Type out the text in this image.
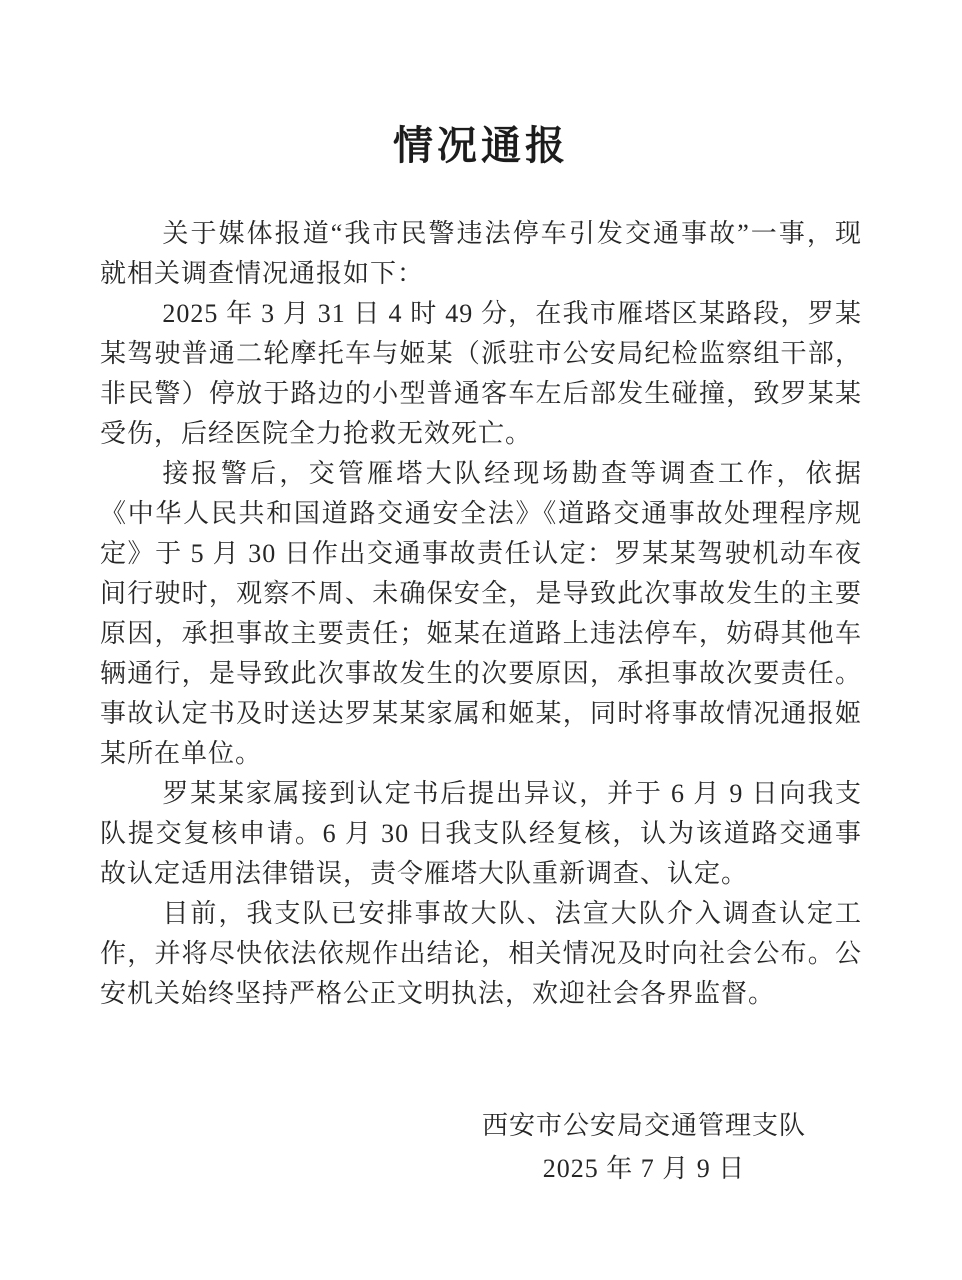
情况通报

关于媒体报道“我市民警违法停车引发交通事故”一事，现就相关调查情况通报如下：

2025 年 3 月 31 日 4 时 49 分，在我市雁塔区某路段，罗某某驾驶普通二轮摩托车与姬某（派驻市公安局纪检监察组干部，非民警）停放于路边的小型普通客车左后部发生碰撞，致罗某某受伤，后经医院全力抢救无效死亡。

接报警后，交管雁塔大队经现场勘查等调查工作，依据《中华人民共和国道路交通安全法》《道路交通事故处理程序规定》于 5 月 30 日作出交通事故责任认定：罗某某驾驶机动车夜间行驶时，观察不周、未确保安全，是导致此次事故发生的主要原因，承担事故主要责任；姬某在道路上违法停车，妨碍其他车辆通行，是导致此次事故发生的次要原因，承担事故次要责任。事故认定书及时送达罗某某家属和姬某，同时将事故情况通报姬某所在单位。

罗某某家属接到认定书后提出异议，并于 6 月 9 日向我支队提交复核申请。6 月 30 日我支队经复核，认为该道路交通事故认定适用法律错误，责令雁塔大队重新调查、认定。

目前，我支队已安排事故大队、法宣大队介入调查认定工作，并将尽快依法依规作出结论，相关情况及时向社会公布。公安机关始终坚持严格公正文明执法，欢迎社会各界监督。

西安市公安局交通管理支队
2025 年 7 月 9 日
